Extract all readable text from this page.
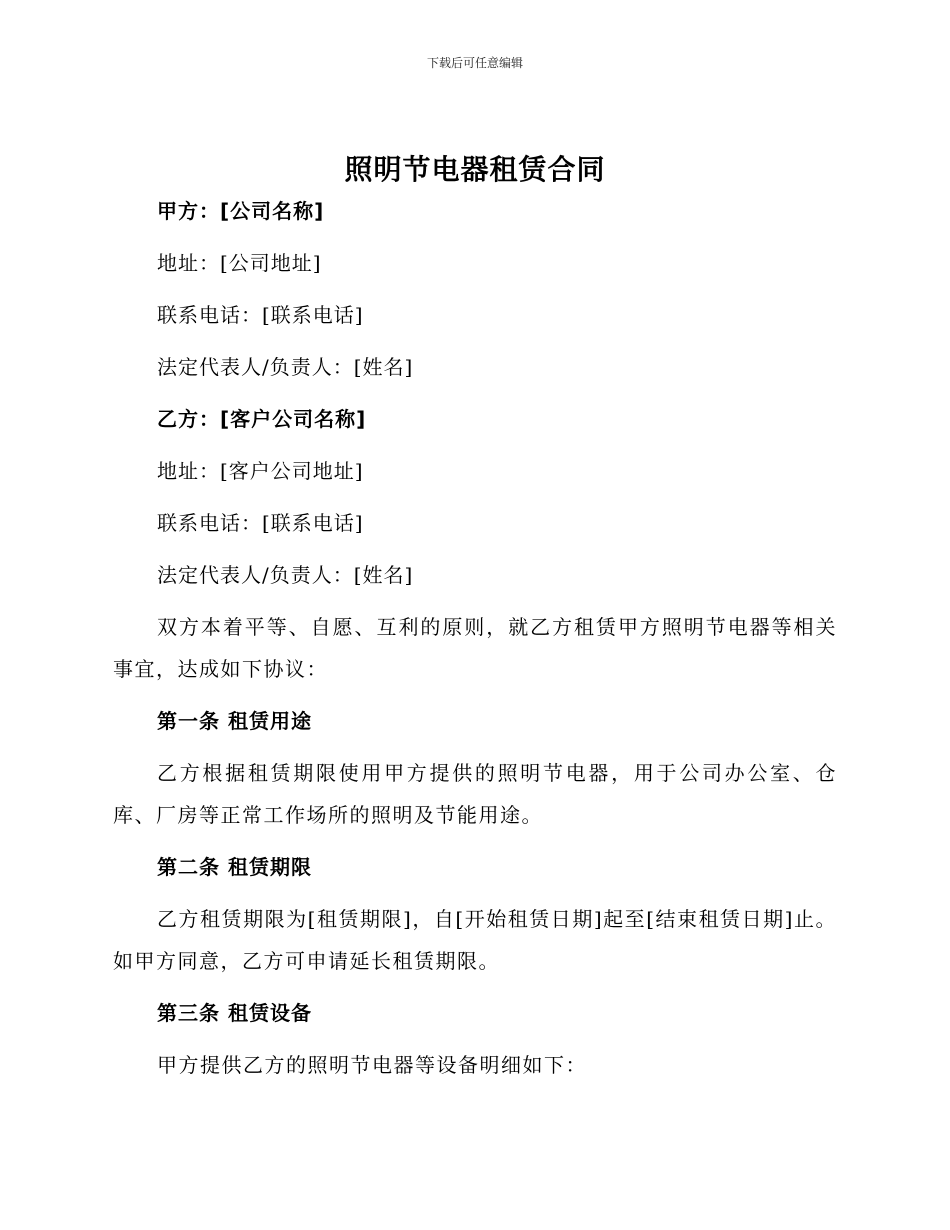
下载后可任意编辑
照明节电器租赁合同

甲方：[公司名称]

地址：[公司地址]

联系电话：[联系电话]

法定代表人/负责人：[姓名]

乙方：[客户公司名称]

地址：[客户公司地址]

联系电话：[联系电话]

法定代表人/负责人：[姓名]

双方本着平等、自愿、互利的原则，就乙方租赁甲方照明节电器等相关事宜，达成如下协议：

第一条 租赁用途

乙方根据租赁期限使用甲方提供的照明节电器，用于公司办公室、仓库、厂房等正常工作场所的照明及节能用途。

第二条 租赁期限

乙方租赁期限为[租赁期限]，自[开始租赁日期]起至[结束租赁日期]止。如甲方同意，乙方可申请延长租赁期限。

第三条 租赁设备

甲方提供乙方的照明节电器等设备明细如下：
